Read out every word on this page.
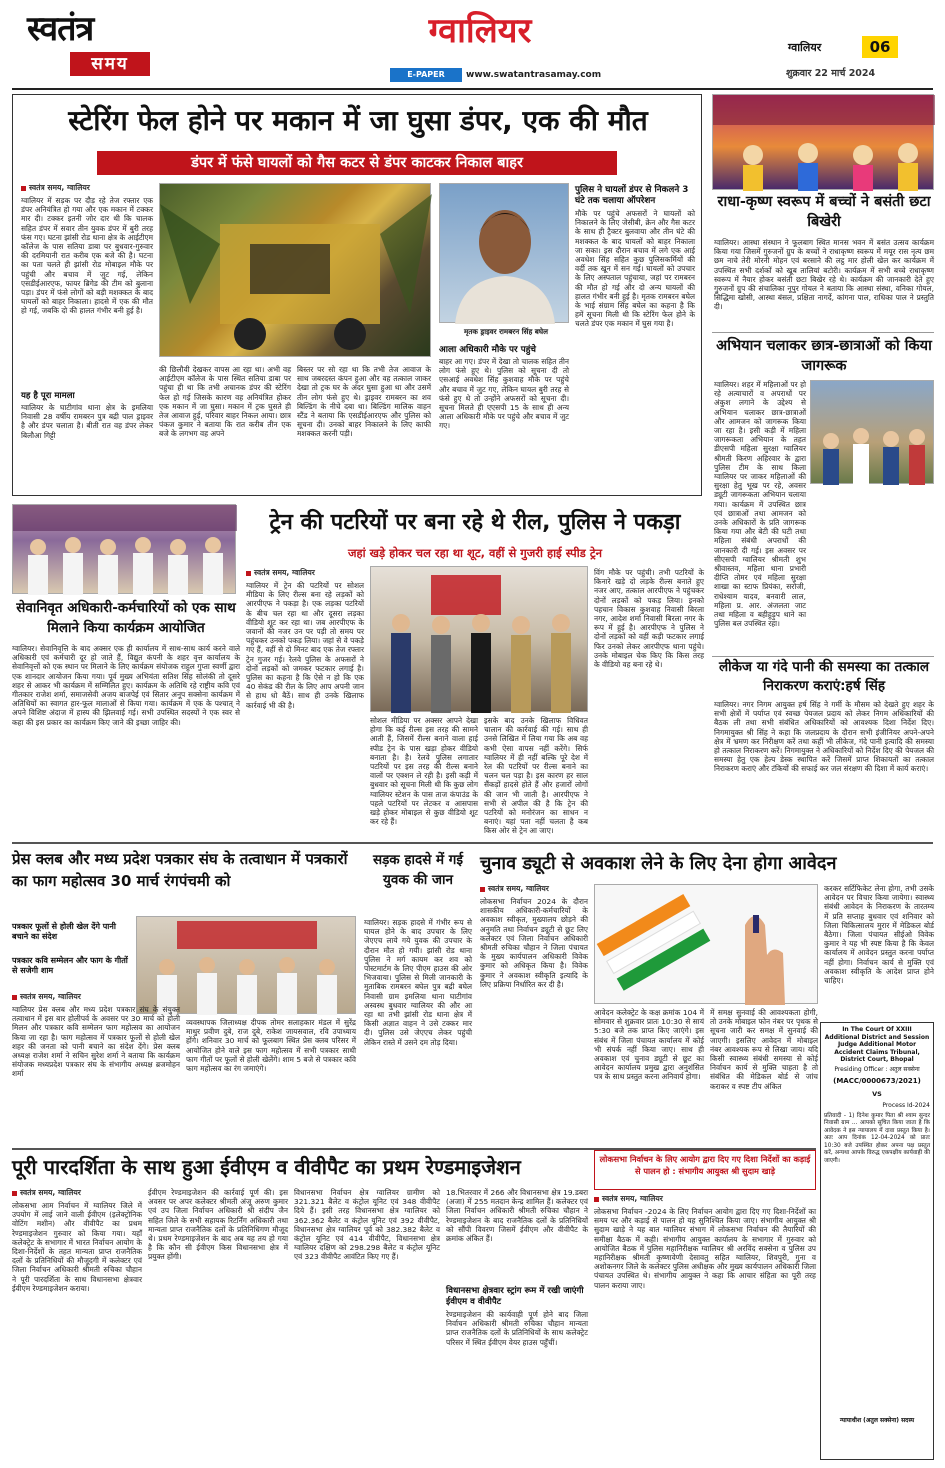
स्वतंत्र
समय
ग्वालियर
E-PAPER	www.swatantrasamay.com
ग्वालियर	06
शुक्रवार 22 मार्च 2024
स्टेरिंग फेल होने पर मकान में जा घुसा डंपर, एक की मौत
डंपर में फंसे घायलों को गैस कटर से डंपर काटकर निकाल बाहर
स्वतंत्र समय, ग्वालियर
ग्वालियर में सड़क पर दौड़ रहे तेज रफ्तार एक डंपर अनियंत्रित हो गया और एक मकान में टक्कर मार दी। टक्कर इतनी जोर दार थी कि चालक सहित डंपर में सवार तीन युवक डंपर में बुरी तरह फंस गए। घटना झांसी रोड थाना क्षेत्र के आईटीएम कॉलेज के पास सतिया डाबा पर बुधवार-गुरुवार की दरमियानी रात करीब एक बजे की है। घटना का पता चलते ही झांसी रोड मोबाइल मौके पर पहुंची और बचाव में जुट गई, लेकिन एसडीईआरएफ, फायर ब्रिगेड की टीम को बुलाना पड़ा। डंपर में फंसे लोगों को बड़ी मशक्कत के बाद घायलों को बाहर निकाला। हादसे में एक की मौत हो गई, जबकि दो की हालत गंभीर बनी हुई है।
यह है पूरा मामला
ग्वालियर के घाटीगांव थाना क्षेत्र के इमलिया निवासी 28 वर्षीय रामबरन पुत्र बद्री पाल ड्राइवर है और डंपर चलाता है। बीती रात वह डंपर लेकर बिलौआ गिट्टी
मृतक ड्राइवर रामबरन सिंह बघेल
की छिलौवी देखकर वापस आ रहा था। अभी वह आईटीएम कॉलेज के पास स्थित सतिया डाबा पर पहुंचा ही था कि तभी अचानक डंपर की स्टेरिंग फेल हो गई जिसके कारण वह अनियंत्रित होकर एक मकान में जा घुसा। मकान में ट्रक घुसते ही तेज आवाज हुई, परिवार बाहर निकल आया। छात्र पंकज कुमार ने बताया कि रात करीब तीन एक बजे के लगभग वह अपने
बिस्तर पर सो रहा था कि तभी तेज आवाज के साथ जबरदस्त कंपन हुआ और वह तत्काल जाकर देखा तो ट्रक घर के अंदर घुसा हुआ था और उसमें तीन लोग फंसे हुए थे। ड्राइवर रामबरन का शव बिल्डिंग के नीचे दबा था। बिल्डिंग मालिक वाहन स्टैंड ने बताया कि एसडीईआरएफ और पुलिस को सूचना दी। उनको बाहर निकालने के लिए काफी मशक्कत करनी पड़ी।
आला अधिकारी मौके पर पहुंचे
बाहर आ गए। डंपर में देखा तो चालक सहित तीन लोग फंसे हुए थे। पुलिस को सूचना दी तो एसआई अवधेश सिंह कुशवाह मौके पर पहुंचे और बचाव में जुट गए, लेकिन घायल बुरी तरह से फंसे हुए थे तो उन्होंने अफसरों को सूचना दी। सूचना मिलते ही एएसपी 15 के साथ ही अन्य आला अधिकारी मौके पर पहुंचे और बचाव में जुट गए।
पुलिस ने घायलों डंपर से निकलने 3 घंटे तक चलाया ऑपरेशन
मौके पर पहुंचे अफसरों ने घायलों को निकालने के लिए जेसीबी, क्रेन और गैस कटर के साथ ही ट्रैक्टर बुलवाया और तीन घंटे की मशक्कत के बाद घायलों को बाहर निकाला जा सका। इस दौरान बचाव में लगे एक आई अवधेश सिंह सहित कुछ पुलिसकर्मियों की वर्दी तक खून में सन गई। घायलों को उपचार के लिए अस्पताल पहुंचाया, जहां पर रामबरन की मौत हो गई और दो अन्य घायलों की हालत गंभीर बनी हुई है। मृतक रामबरन बघेल के भाई संग्राम सिंह बघेल का कहना है कि हमें सूचना मिली थी कि स्टेरिंग फेल होने के चलते डंपर एक मकान में घुस गया है।
राधा-कृष्ण स्वरूप में बच्चों ने बसंती छटा बिखेरी
ग्वालियर। आस्था संस्थान ने फूलबाग स्थित मानस भवन में बसंत उत्सव कार्यक्रम किया गया जिसमें गुरुजनों ग्रुप के बच्चों ने राधाकृष्ण स्वरूप में मयूर रास नृत्य छम छम नाचे तेरी मोरनी मोहन एवं बरसाने की लट्ठ मार होली खेल कर कार्यक्रम में उपस्थित सभी दर्शकों को खूब तालियां बटोरी। कार्यक्रम में सभी बच्चे राधाकृष्ण स्वरूप में नैयार होकर बसंती छटा बिखेर रहे थे। कार्यक्रम की जानकारी देते हुए गुरुजनों ग्रुप की संचालिका नूपुर गोयल ने बताया कि आस्था संस्था, वनिका गोयल, सिद्धिमा खोसी, आस्था बंसल, प्रक्षिता नागर्दे, कांगना पाल, राधिका पाल ने प्रस्तुति दी।
अभियान चलाकर छात्र-छात्राओं को किया जागरूक
ग्वालियर। शहर में महिलाओं पर हो रहे अत्याचारों व अपराधों पर अंकुश लगाने के उद्देश्य से अभियान चलाकर छात्र-छात्राओं और आमजन को जागरूक किया जा रहा है। इसी कड़ी में महिला जागरूकता अभियान के तहत डीएसपी महिला सुरक्षा ग्वालियर श्रीमती किरण अहिरवार के द्वारा पुलिस टीम के साथ किला ग्वालियर पर जाकर महिलाओं की सुरक्षा हेतु भूख पर रहे, अवसर ड्यूटी जागरूकता अभियान चलाया गया। कार्यक्रम में उपस्थित छात्र एवं छात्राओं तथा आमजन को उनके अधिकारों के प्रति जागरूक किया गया और बेटी की घटी तथा महिला संबंधी अपराधों की जानकारी दी गई। इस अवसर पर सीएसपी ग्वालियर श्रीमती शुभ श्रीवास्तव, महिला थाना प्रभारी दीप्ति तोमर एवं महिला सुरक्षा शाखा का स्टाफ प्रियंका, सरोजी, राधेश्याम यादव, बनवारी लाल, महिला प्र. आर. अंजलता जाट तथा महिला व बहीहुड़ुप थाने का पुलिस बल उपस्थित रहा।
लीकेज या गंदे पानी की समस्या का तत्काल निराकरण कराएं:हर्ष सिंह
ग्वालियर। नगर निगम आयुक्त हर्ष सिंह ने गर्मी के मौसम को देखते हुए शहर के सभी क्षेत्रों में पर्याप्त एवं स्वच्छ पेयजल प्रदाय को लेकर निगम अधिकारियों की बैठक ली तथा सभी संबंधित अधिकारियों को आवश्यक दिशा निर्देश दिए। निगमायुक्त श्री सिंह ने कहा कि जलप्रदाय के दौरान सभी इंजीनियर अपने-अपने क्षेत्र में भ्रमण कर निरीक्षण करें तथा कहीं भी लीकेज, गंदे पानी इत्यादि की समस्या हो तत्काल निराकरण करें। निगमायुक्त ने अधिकारियों को निर्देश दिए की पेयजल की समस्या हेतु एक हेल्प डेस्क स्थापित करें जिसमें प्राप्त शिकायतों का तत्काल निराकरण कराएं और टंकियों की सफाई कर जल संरक्षण की दिशा में कार्य कराएं।
सेवानिवृत अधिकारी-कर्मचारियों को एक साथ मिलाने किया कार्यक्रम आयोजित
ग्वालियर। सेवानिवृत्ति के बाद अक्सर एक ही कार्यालय में साथ-साथ कार्य करने वाले अधिकारी एवं कर्मचारी दूर हो जाते हैं, विद्युत कंपनी के शहर वृत्त कार्यालय के सेवानिवृत्तों को एक स्थान पर मिलाने के लिए कार्यक्रम संयोजक राहुल गुप्ता स्वर्णी द्वारा एक शानदार आयोजन किया गया। पूर्व मुख्य अभियंता सतिश सिंह सोलंकी तो दूसरे शहर से आकर भी कार्यक्रम में सम्मिलित हुए। कार्यक्रम के अतिथि रहे राष्ट्रीय कवि एवं गीतकार राजेश शर्मा, समाजसेवी अजय बाजपेई एवं सितार अनूप सक्सेना कार्यक्रम में अतिथियों का स्वागत हार-फूल मालाओं से किया गया। कार्यक्रम में एक के पश्चात् ने अपने विशिष्ट अंदाज में हास्य की झिलवाई गई। सभी उपस्थित सदस्यों ने एक स्वर से कहा की इस प्रकार का कार्यक्रम किए जाने की इच्छा जाहिर की।
ट्रेन की पटरियों पर बना रहे थे रील, पुलिस ने पकड़ा
जहां खड़े होकर चल रहा था शूट, वहीं से गुजरी हाई स्पीड ट्रेन
स्वतंत्र समय, ग्वालियर
ग्वालियर में ट्रेन की पटरियों पर सोशल मीडिया के लिए रील्स बना रहे लड़कों को आरपीएफ ने पकड़ा है। एक लड़का पटरियों के बीच चल रहा था और दूसरा लड़का वीडियो शूट कर रहा था। जब आरपीएफ के जवानों की नजर उन पर पड़ी तो समय पर पहुंचकर उनको पकड़ लिया। जहां से वे पकड़े गए हैं, वहीं से दो मिनट बाद एक तेज रफ्तार ट्रेन गुजर गई। रेलवे पुलिस के अफसरों ने दोनों लड़कों को जमकर फटकार लगाई है। पुलिस का कहना है कि ऐसे न हो कि एक 40 सेकंड की रील के लिए आप अपनी जान से हाथ धो बैठें। साथ ही उनके खिलाफ कार्रवाई भी की है।
सोशल मीडिया पर अक्सर आपने देखा होगा कि कई रील्स इस तरह की सामने आती हैं, जिसमें रील्स बनाने वाला हाई स्पीड ट्रेन के पास खड़ा होकर वीडियो बनाता है। है। रेलवे पुलिस लगातार पटरियों पर इस तरह की रील्स बनाने वालों पर एक्शन ले रही है। इसी कड़ी में बुधवार को सूचना मिली थी कि कुछ लोग ग्वालियर स्टेशन के पास ताज कंपाउंड के पहले पटरियों पर लेटकर व आसपास खड़े होकर मोबाइल से कुछ वीडियो शूट कर रहे हैं।
इसके बाद उनके खिलाफ विधिवत चालान की कार्रवाई की गई। साथ ही उनसे लिखित में लिया गया कि अब वह कभी ऐसा वापस नहीं करेंगे। सिर्फ ग्वालियर में ही नहीं बल्कि पूरे देश में रेल की पटरियों पर रील्स बनाने का चलन चल पड़ा है। इस कारण हर साल सैंकड़ों हादसे होते हैं और हजारों लोगों की जान भी जाती है। आरपीएफ ने सभी से अपील की है कि ट्रेन की पटरियों को मनोरंजन का साधन न बनाएं। यहां पता नहीं चलता है कब किस ओर से ट्रेन आ जाए।
विंग मौके पर पहुंची। तभी पटरियों के किनारे खड़े दो लड़के रील्स बनाते हुए नजर आए, तत्काल आरपीएफ ने पहुंचकर दोनों लड़कों को पकड़ लिया। इनको पहचान विकास कुशवाह निवासी बिरला नगर, आदेश शर्मा निवासी बिरला नगर के रूप में हुई है। आरपीएफ ने पुलिस ने दोनों लड़कों को वहीं कड़ी फटकार लगाई फिर उनको लेकर आरपीएफ थाना पहुंचे। उनके मोबाइल चेक किए कि किस तरह के वीडियो वह बना रहे थे।
प्रेस क्लब और मध्य प्रदेश पत्रकार संघ के तत्वाधान में पत्रकारों का फाग महोत्सव 30 मार्च रंगपंचमी को
पत्रकार फूलों से होली खेल देंगे पानी बचाने का संदेश
पत्रकार कवि सम्मेलन और फाग के गीतों से सजेगी शाम
स्वतंत्र समय, ग्वालियर
ग्वालियर प्रेस क्लब और मध्य प्रदेश पत्रकार संघ के संयुक्त तत्वाधान में इस बार होलीपर्व के अवसर पर 30 मार्च को होली मिलन और पत्रकार कवि सम्मेलन फाग महोत्सव का आयोजन किया जा रहा है। फाग महोत्सव में पत्रकार फूलों से होली खेल शहर की जनता को पानी बचाने का संदेश देंगे। प्रेस क्लब अध्यक्ष राजेश शर्मा ने सचिन सुरेश शर्मा ने बताया कि कार्यक्रम संयोजक मध्यप्रदेश पत्रकार संघ के संभागीय अध्यक्ष ब्रजमोहन शर्मा
व्यवस्थापक जिलाध्यक्ष दीपक तोमर सलाहकार मंडल में सुरेंद्र माथुर प्रवीण दुबे, राज दुबे, राकेश जायसवाल, रवि उपाध्याय होंगे। शनिवार 30 मार्च को फूलबाग स्थित प्रेस क्लब परिसर में आयोजित होने वाले इस फाग महोत्सव में सभी पत्रकार साथी फाग गीतों पर फूलों से होली खेलेंगे। शाम 5 बजे से पत्रकार कवि फाग महोत्सव का रंग जमाएंगे।
सड़क हादसे में गई युवक की जान
ग्वालियर। सड़क हादसे में गंभीर रूप से घायल होने के बाद उपचार के लिए जेएएच लाये गये युवक की उपचार के दौरान मौत हो गयी। झांसी रोड थाना पुलिस ने मर्ग कायम कर शव को पोस्टमार्टम के लिए पीएम हाउस की ओर भिजवाया। पुलिस से मिली जानकारी के मुताबिक रामबरन बघेल पुत्र बद्री बघेल निवासी ग्राम इमलिया थाना घाटीगांव अस्वस्थ बुधवार ग्वालियर की और आ रहा था तभी झांसी रोड थाना क्षेत्र में किसी अज्ञात वाहन ने उसे टक्कर मार दी। पुलिस उसे जेएएच लेकर पहुंची लेकिन रास्ते में उसने दम तोड़ दिया।
चुनाव ड्यूटी से अवकाश लेने के लिए देना होगा आवेदन
स्वतंत्र समय, ग्वालियर
लोकसभा निर्वाचन 2024 के दौरान शासकीय अधिकारी-कर्मचारियों के अवकाश स्वीकृत, मुख्यालय छोड़ने की अनुमति तथा निर्वाचन ड्यूटी से छूट लिए कलेक्टर एवं जिला निर्वाचन अधिकारी श्रीमती रुचिका चौहान ने जिला पंचायत के मुख्य कार्यपालन अधिकारी विवेक कुमार को अधिकृत किया है। विवेक कुमार ने अवकाश स्वीकृति इत्यादि के लिए प्रक्रिया निर्धारित कर दी है।
आवेदन कलेक्ट्रेट के कक्ष क्रमांक 104 में सोमवार से शुक्रवार प्रातः 10:30 से सायं 5:30 बजे तक प्राप्त किए जाएंगे। इस संबंध में जिला पंचायत कार्यालय में कोई भी संपर्क नहीं किया जाए। साथ ही अवकाश एवं चुनाव ड्यूटी से छूट का आवेदन कार्यालय प्रमुख द्वारा अनुशंसित पत्र के साथ प्रस्तुत करना अनिवार्य होगा।
में समक्ष सुनवाई की आवश्यकता होगी, तो उनके मोबाइल फोन नंबर पर पृथक से सूचना जारी कर समक्ष में सुनवाई की जाएगी। इसलिए आवेदन में मोबाइल नंबर आवश्यक रूप से लिखा जाय। यदि किसी स्वास्थ्य संबंधी समस्या से कोई निर्वाचन कार्य से मुक्ति चाहता है तो संबंधित की मेडिकल बोर्ड से जांच कराकर व स्पष्ट टीप अंकित
करकर सर्टिफिकेट लेना होगा, तभी उसके आवेदन पर विचार किया जायेगा। स्वास्थ्य संबंधी आवेदन के निराकरण के तारतम्य में प्रति सप्ताह बुधवार एवं शनिवार को जिला चिकित्सालय मुरार में मेडिकल बोर्ड बैठेगा। जिला पंचायत सीईओ विवेक कुमार ने यह भी स्पष्ट किया है कि केवल कार्यालय में आवेदन प्रस्तुत करना पर्याप्त नहीं होगा। निर्वाचन कार्य से मुक्ति एवं अवकाश स्वीकृति के आदेश प्राप्त होने चाहिए।
In The Court Of XXIII Additional District and Session Judge Additional Motor Accident Claims Tribunal, District Court, Bhopal
Presiding Officer : अतुल सक्सेना
(MACC/0000673/2021)
VS
Process Id-2024
प्रतिवादी - 1) दिनेश कुमार पिता श्री श्याम सुन्दर निवासी ग्राम ... आपको सूचित किया जाता है कि आवेदक ने इस न्यायालय में दावा प्रस्तुत किया है। अतः आप दिनांक 12-04-2024 को प्रातः 10:30 बजे उपस्थित होकर अपना पक्ष प्रस्तुत करें, अन्यथा आपके विरुद्ध एकपक्षीय कार्यवाही की जाएगी।
न्यायाधीश (अतुल सक्सेना) सदस्य
पूरी पारदर्शिता के साथ हुआ ईवीएम व वीवीपैट का प्रथम रेण्डमाइजेशन
स्वतंत्र समय, ग्वालियर
लोकसभा आम निर्वाचन में ग्वालियर जिले में उपयोग में लाई जाने वाली ईवीएम (इलेक्ट्रोनिक वोटिंग मशीन) और वीवीपैट का प्रथम रेण्डमाइजेशन गुरुवार को किया गया। यहाँ कलेक्ट्रेट के सभागार में भारत निर्वाचन आयोग के दिशा-निर्देशों के तहत मान्यता प्राप्त राजनैतिक दलों के प्रतिनिधियों की मौजूदगी में कलेक्टर एवं जिला निर्वाचन अधिकारी श्रीमती रुचिका चौहान ने पूरी पारदर्शिता के साथ विधानसभा क्षेत्रवार ईवीएम रेण्डमाइजेशन कराया।
ईवीएम रेण्डमाइजेशन की कार्रवाई पूर्ण की। इस अवसर पर अपर कलेक्टर श्रीमती अंजू अरुण कुमार एवं उप जिला निर्वाचन अधिकारी श्री संदीप जैन सहित जिले के सभी सहायक रिटर्निंग अधिकारी तथा मान्यता प्राप्त राजनैतिक दलों के प्रतिनिधिगण मौजूद थे। प्रथम रेण्डमाइजेशन के बाद अब यह तय हो गया है कि कौन सी ईवीएम किस विधानसभा क्षेत्र में प्रयुक्त होंगी।
विधानसभा निर्वाचन क्षेत्र ग्वालियर ग्रामीण को 321.321 बैलेट व कंट्रोल यूनिट एवं 348 वीवीपैट दिये हैं। इसी तरह विधानसभा क्षेत्र ग्वालियर को 362.362 बैलेट व कंट्रोल यूनिट एवं 392 वीवीपैट, विधानसभा क्षेत्र ग्वालियर पूर्व को 382.382 बैलेट व कंट्रोल यूनिट एवं 414 वीवीपैट, विधानसभा क्षेत्र ग्वालियर दक्षिण को 298.298 बैलेट व कंट्रोल यूनिट एवं 323 वीवीपैट आवंटित किए गए हैं।
18.भितरवार में 266 और विधानसभा क्षेत्र 19.डबरा (अजा) में 255 मतदान केन्द्र शामिल हैं। कलेक्टर एवं जिला निर्वाचन अधिकारी श्रीमती रुचिका चौहान ने रेण्डमाइजेशन के बाद राजनैतिक दलों के प्रतिनिधियों को सौंपी विवरण जिसमें ईवीएम और वीवीपैट के क्रमांक अंकित हैं।
विधानसभा क्षेत्रवार स्ट्रांग रूम में रखी जाएंगी ईवीएम व वीवीपैट
रेण्डमाइजेशन की कार्यवाही पूर्ण होने बाद जिला निर्वाचन अधिकारी श्रीमती रुचिका चौहान मान्यता प्राप्त राजनैतिक दलों के प्रतिनिधियों के साथ कलेक्ट्रेट परिसर में स्थित ईवीएम वेयर हाउस पहुँचीं।
लोकसभा निर्वाचन के लिए आयोग द्वारा दिए गए दिशा निर्देशों का कड़ाई से पालन हो : संभागीय आयुक्त श्री सुदाम खाड़े
स्वतंत्र समय, ग्वालियर
लोकसभा निर्वाचन -2024 के लिए निर्वाचन आयोग द्वारा दिए गए दिशा-निर्देशों का समय पर और कड़ाई से पालन हो यह सुनिश्चित किया जाए। संभागीय आयुक्त श्री सुदाम खाड़े ने यह बात ग्वालियर संभाग में लोकसभा निर्वाचन की तैयारियों की समीक्षा बैठक में कही। संभागीय आयुक्त कार्यालय के सभागार में गुरुवार को आयोजित बैठक में पुलिस महानिरीक्षक ग्वालियर श्री अरविंद सक्सेना व पुलिस उप महानिरीक्षक श्रीमती कृष्णावेणी देसावतु सहित ग्वालियर, शिवपुरी, गुना व अशोकनगर जिले के कलेक्टर पुलिस अधीक्षक और मुख्य कार्यपालन अधिकारी जिला पंचायत उपस्थित थे। संभागीय आयुक्त ने कहा कि आचार संहिता का पूरी तरह पालन कराया जाए।
